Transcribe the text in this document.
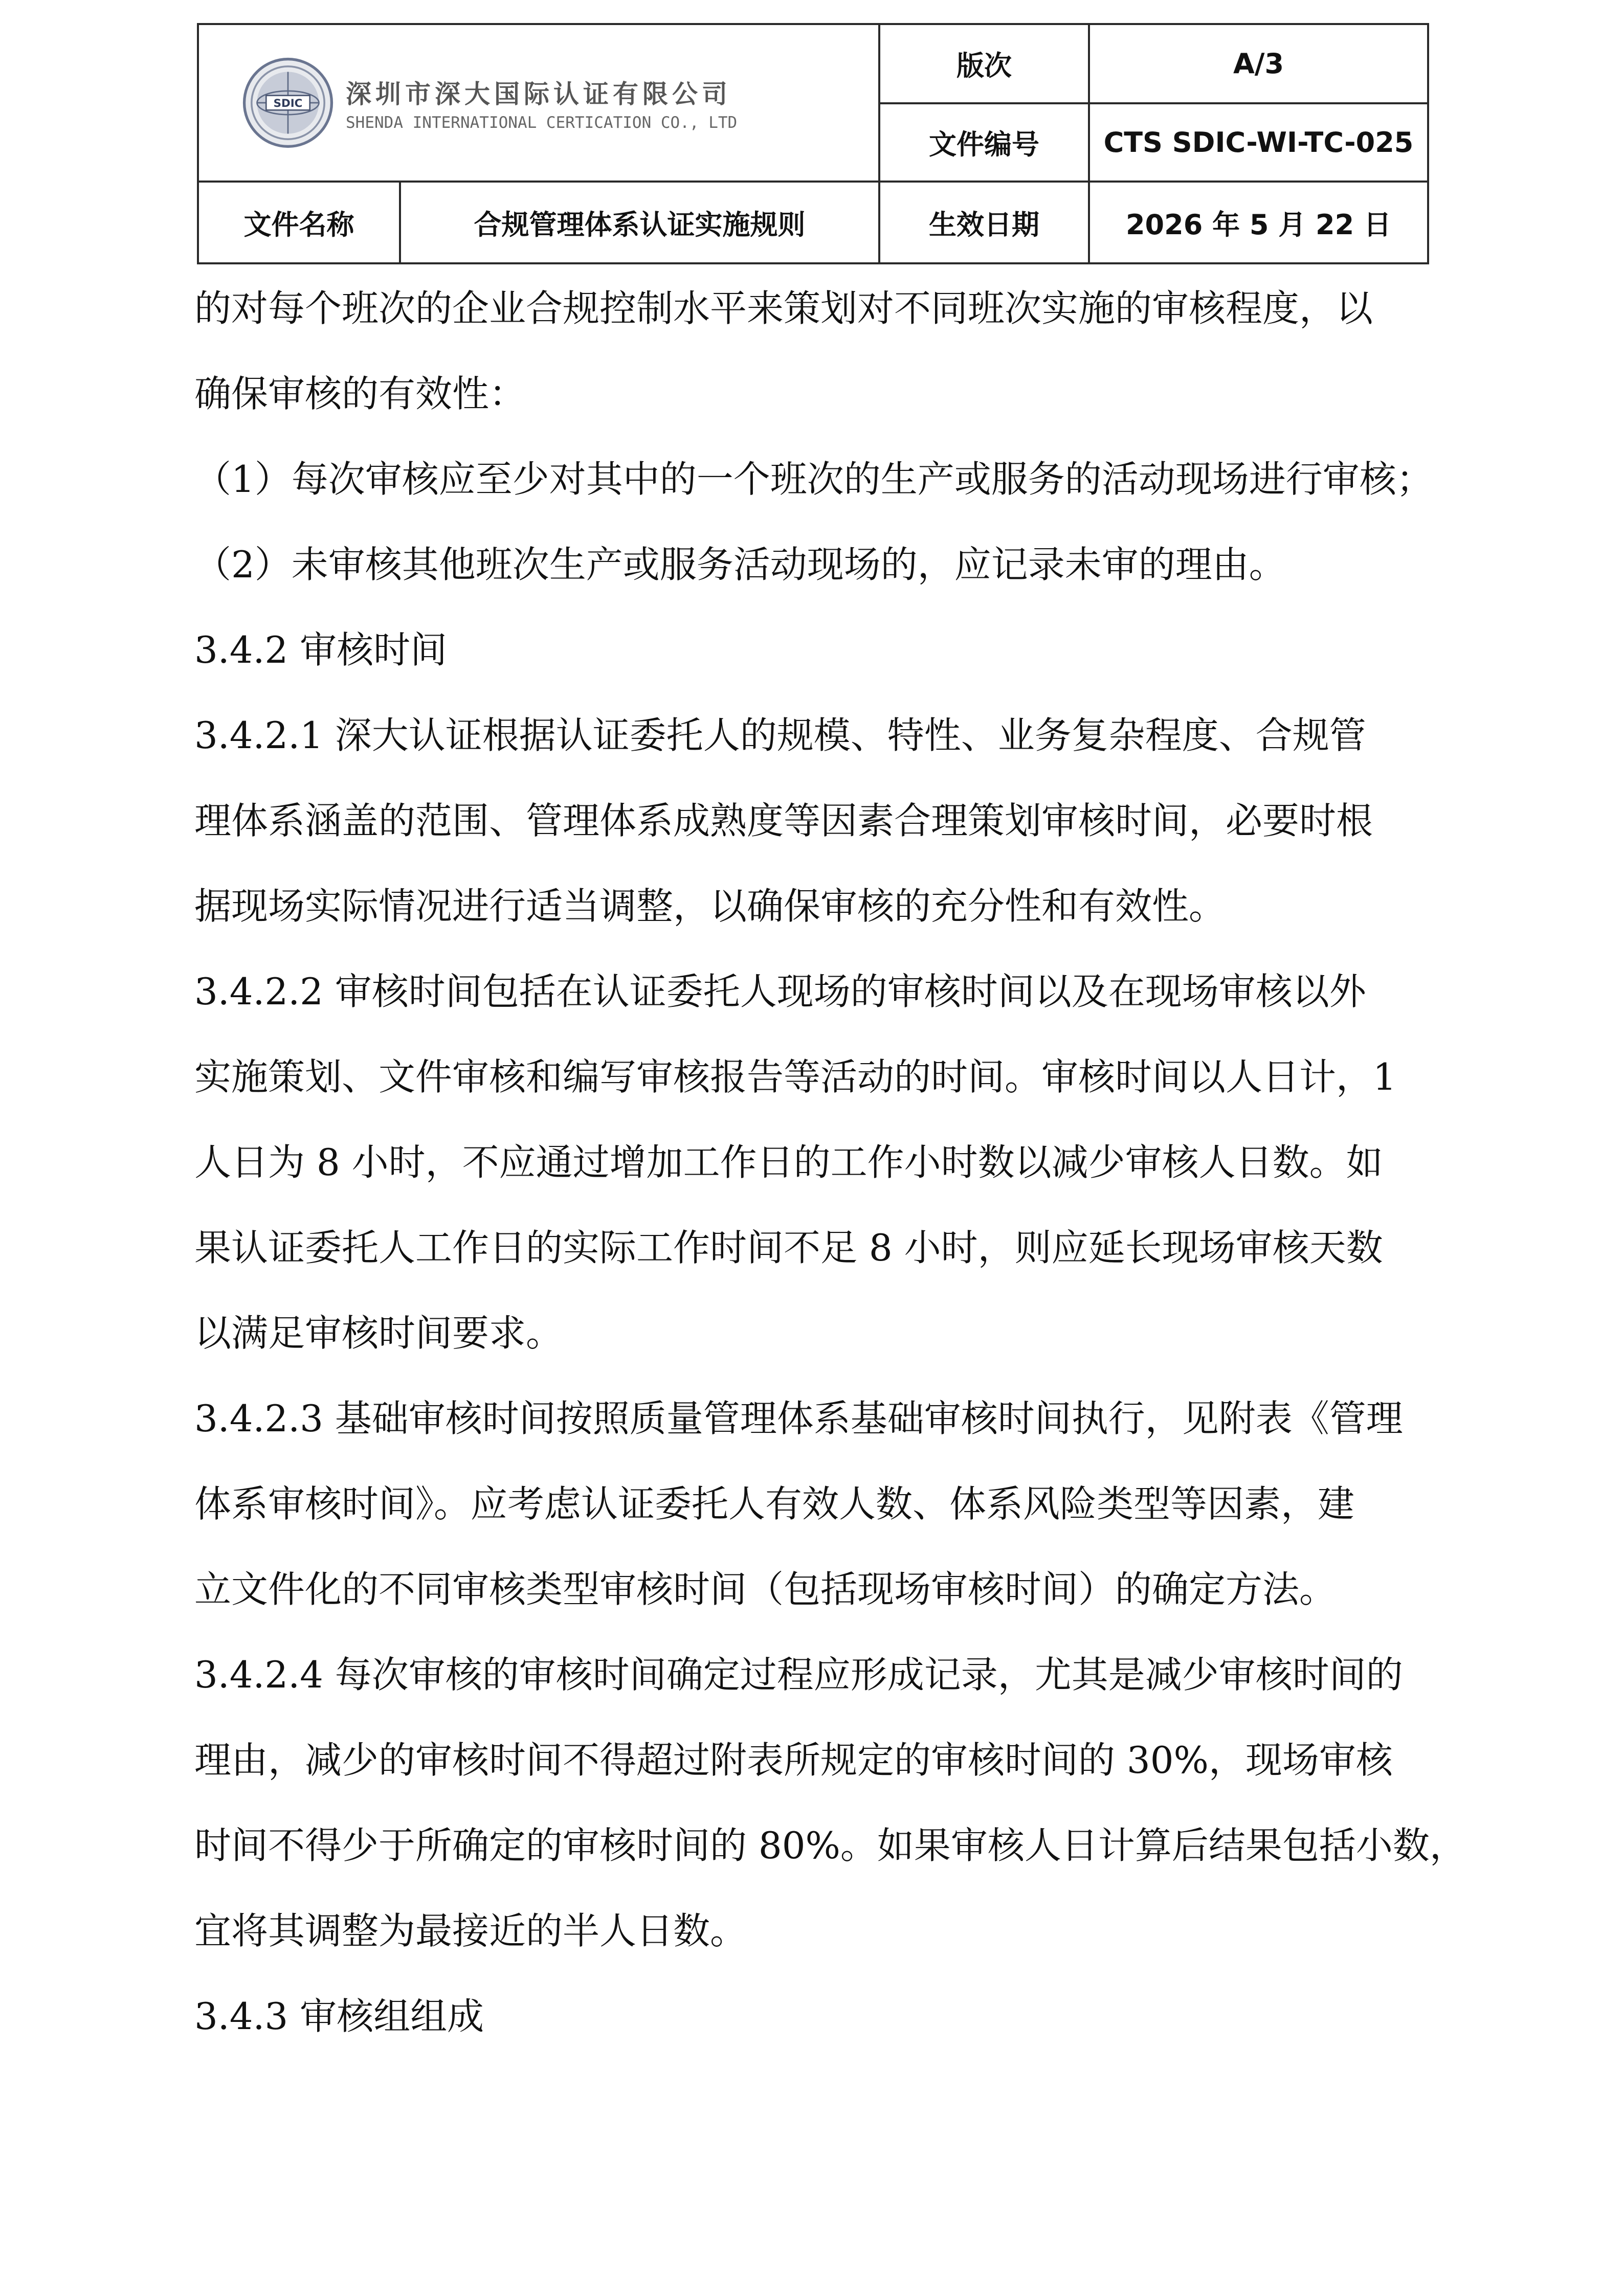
SDIC 深圳市深大国际认证有限公司
SHENDA INTERNATIONAL CERTICATION CO., LTD		版次	A/3
		文件编号	CTS SDIC-WI-TC-025
文件名称	合规管理体系认证实施规则	生效日期	2026 年 5 月 22 日

的对每个班次的企业合规控制水平来策划对不同班次实施的审核程度，以

确保审核的有效性：

（1）每次审核应至少对其中的一个班次的生产或服务的活动现场进行审核；

（2）未审核其他班次生产或服务活动现场的，应记录未审的理由。

3.4.2 审核时间

3.4.2.1 深大认证根据认证委托人的规模、特性、业务复杂程度、合规管

理体系涵盖的范围、管理体系成熟度等因素合理策划审核时间，必要时根

据现场实际情况进行适当调整，以确保审核的充分性和有效性。

3.4.2.2 审核时间包括在认证委托人现场的审核时间以及在现场审核以外

实施策划、文件审核和编写审核报告等活动的时间。审核时间以人日计，1

人日为 8 小时，不应通过增加工作日的工作小时数以减少审核人日数。如

果认证委托人工作日的实际工作时间不足 8 小时，则应延长现场审核天数

以满足审核时间要求。

3.4.2.3 基础审核时间按照质量管理体系基础审核时间执行，见附表《管理

体系审核时间》。应考虑认证委托人有效人数、体系风险类型等因素，建

立文件化的不同审核类型审核时间（包括现场审核时间）的确定方法。

3.4.2.4 每次审核的审核时间确定过程应形成记录，尤其是减少审核时间的

理由，减少的审核时间不得超过附表所规定的审核时间的 30%，现场审核

时间不得少于所确定的审核时间的 80%。如果审核人日计算后结果包括小数，

宜将其调整为最接近的半人日数。

3.4.3 审核组组成
